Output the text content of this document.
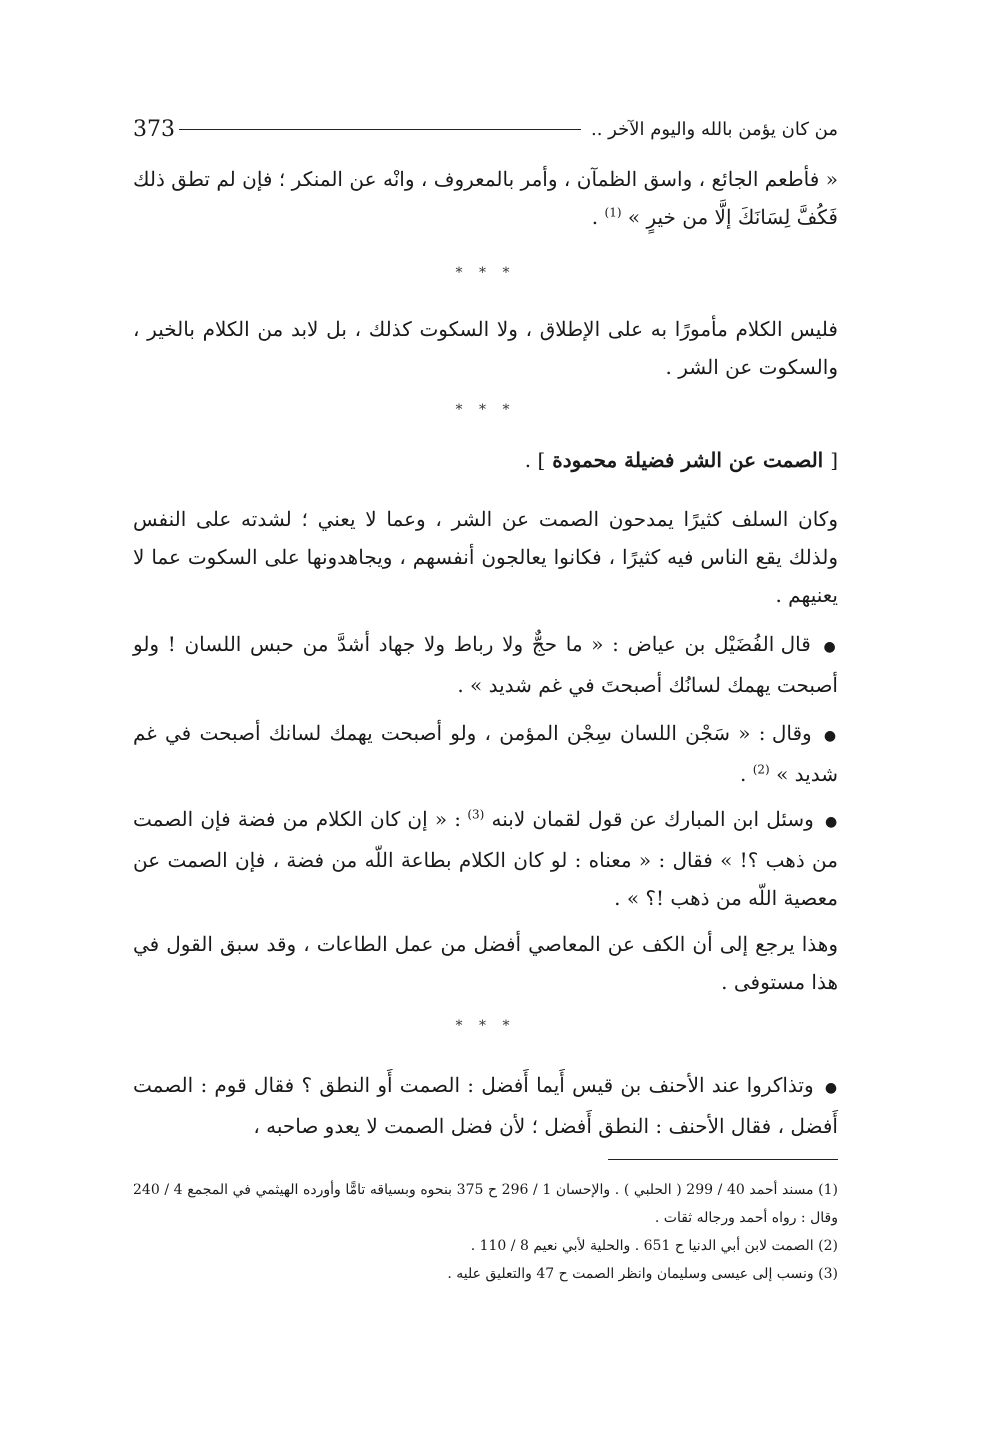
373	من كان يؤمن بالله واليوم الآخر ..
« فأطعم الجائع ، واسق الظمآن ، وأمر بالمعروف ، وانْه عن المنكر ؛ فإن لم تطق ذلك فَكُفَّ لِسَانَكَ إلَّا من خيرٍ » $^{(1)}$ .
* * *
فليس الكلام مأمورًا به على الإطلاق ، ولا السكوت كذلك ، بل لابد من الكلام بالخير ، والسكوت عن الشر .
* * *
[ الصمت عن الشر فضيلة محمودة ] .
وكان السلف كثيرًا يمدحون الصمت عن الشر ، وعما لا يعني ؛ لشدته على النفس ولذلك يقع الناس فيه كثيرًا ، فكانوا يعالجون أنفسهم ، ويجاهدونها على السكوت عما لا يعنيهم .
● قال الفُضَيْل بن عياض : « ما حجٌّ ولا رباط ولا جهاد أشدَّ من حبس اللسان ! ولو أصبحت يهمك لسانُك أصبحتَ في غم شديد » .
● وقال : « سَجْن اللسان سِجْن المؤمن ، ولو أصبحت يهمك لسانك أصبحت في غم شديد » $^{(2)}$ .
● وسئل ابن المبارك عن قول لقمان لابنه $^{(3)}$ : « إن كان الكلام من فضة فإن الصمت من ذهب ؟! » فقال : « معناه : لو كان الكلام بطاعة اللّه من فضة ، فإن الصمت عن معصية اللّه من ذهب !؟ » .
وهذا يرجع إلى أن الكف عن المعاصي أفضل من عمل الطاعات ، وقد سبق القول في هذا مستوفى .
* * *
● وتذاكروا عند الأحنف بن قيس أَيما أَفضل : الصمت أَو النطق ؟ فقال قوم : الصمت أَفضل ، فقال الأحنف : النطق أَفضل ؛ لأن فضل الصمت لا يعدو صاحبه ،
(1) مسند أحمد 40 / 299 ( الحلبي ) . والإحسان 1 / 296 ح 375 بنحوه وبسياقه تامًّا وأورده الهيثمي في المجمع 4 / 240 وقال : رواه أحمد ورجاله ثقات .
(2) الصمت لابن أبي الدنيا ح 651 . والحلية لأبي نعيم 8 / 110 .
(3) ونسب إلى عيسى وسليمان وانظر الصمت ح 47 والتعليق عليه .
